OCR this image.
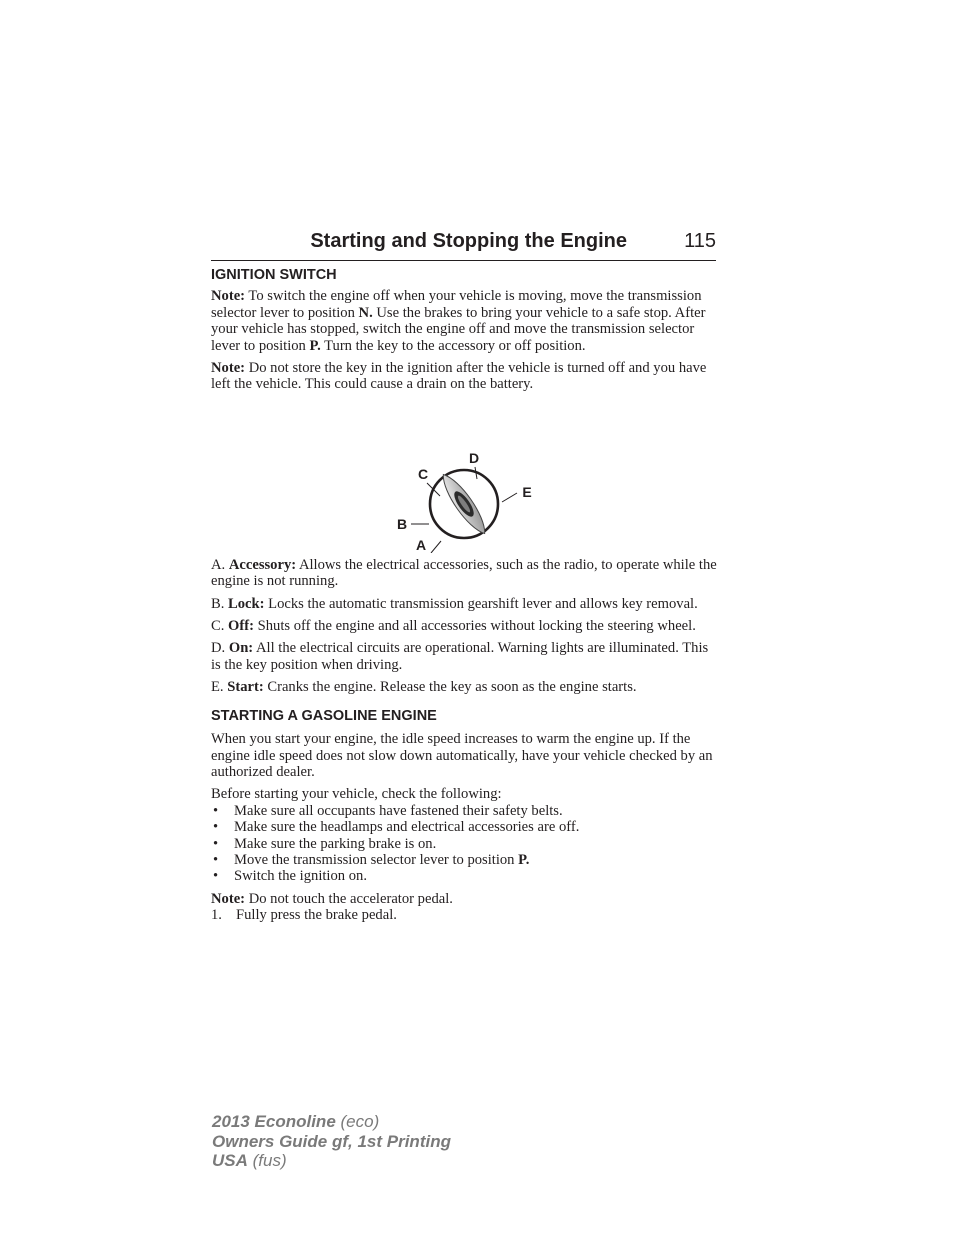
Starting and Stopping the Engine	115
IGNITION SWITCH

Note: To switch the engine off when your vehicle is moving, move the transmission selector lever to position N. Use the brakes to bring your vehicle to a safe stop. After your vehicle has stopped, switch the engine off and move the transmission selector lever to position P. Turn the key to the accessory or off position.

Note: Do not store the key in the ignition after the vehicle is turned off and you have left the vehicle. This could cause a drain on the battery.

D
C
E
B
A

A. Accessory: Allows the electrical accessories, such as the radio, to operate while the engine is not running.

B. Lock: Locks the automatic transmission gearshift lever and allows key removal.

C. Off: Shuts off the engine and all accessories without locking the steering wheel.

D. On: All the electrical circuits are operational. Warning lights are illuminated. This is the key position when driving.

E. Start: Cranks the engine. Release the key as soon as the engine starts.

STARTING A GASOLINE ENGINE

When you start your engine, the idle speed increases to warm the engine up. If the engine idle speed does not slow down automatically, have your vehicle checked by an authorized dealer.

Before starting your vehicle, check the following:

• Make sure all occupants have fastened their safety belts.
• Make sure the headlamps and electrical accessories are off.
• Make sure the parking brake is on.
• Move the transmission selector lever to position P.
• Switch the ignition on.

Note: Do not touch the accelerator pedal.

1. Fully press the brake pedal.

2013 Econoline (eco)
Owners Guide gf, 1st Printing
USA (fus)
